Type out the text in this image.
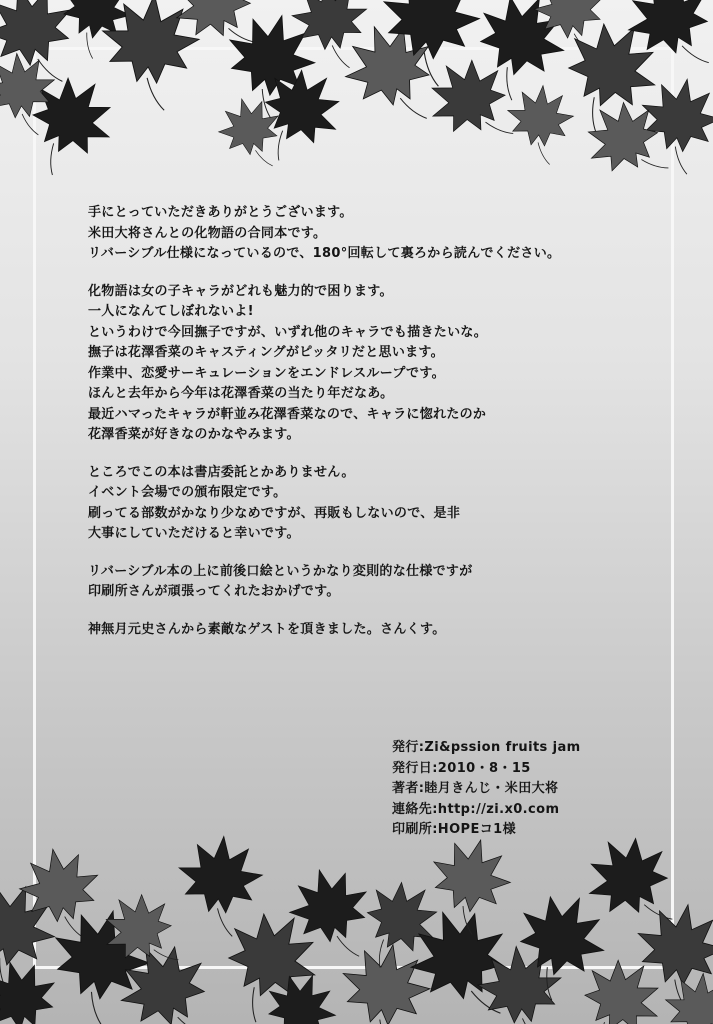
手にとっていただきありがとうございます。
米田大将さんとの化物語の合同本です。
リバーシブル仕様になっているので、180°回転して裏ろから読んでください。
化物語は女の子キャラがどれも魅力的で困ります。
一人になんてしぼれないよ!
というわけで今回撫子ですが、いずれ他のキャラでも描きたいな。
撫子は花澤香菜のキャスティングがピッタリだと思います。
作業中、恋愛サーキュレーションをエンドレスループです。
ほんと去年から今年は花澤香菜の当たり年だなあ。
最近ハマったキャラが軒並み花澤香菜なので、キャラに惚れたのか
花澤香菜が好きなのかなやみます。
ところでこの本は書店委託とかありません。
イベント会場での頒布限定です。
刷ってる部数がかなり少なめですが、再販もしないので、是非
大事にしていただけると幸いです。
リバーシブル本の上に前後口絵というかなり変則的な仕様ですが
印刷所さんが頑張ってくれたおかげです。
神無月元史さんから素敵なゲストを頂きました。さんくす。
発行:Zi&pssion fruits jam
発行日:2010・8・15
著者:睦月きんじ・米田大将
連絡先:http://zi.x0.com
印刷所:HOPEコ1様
